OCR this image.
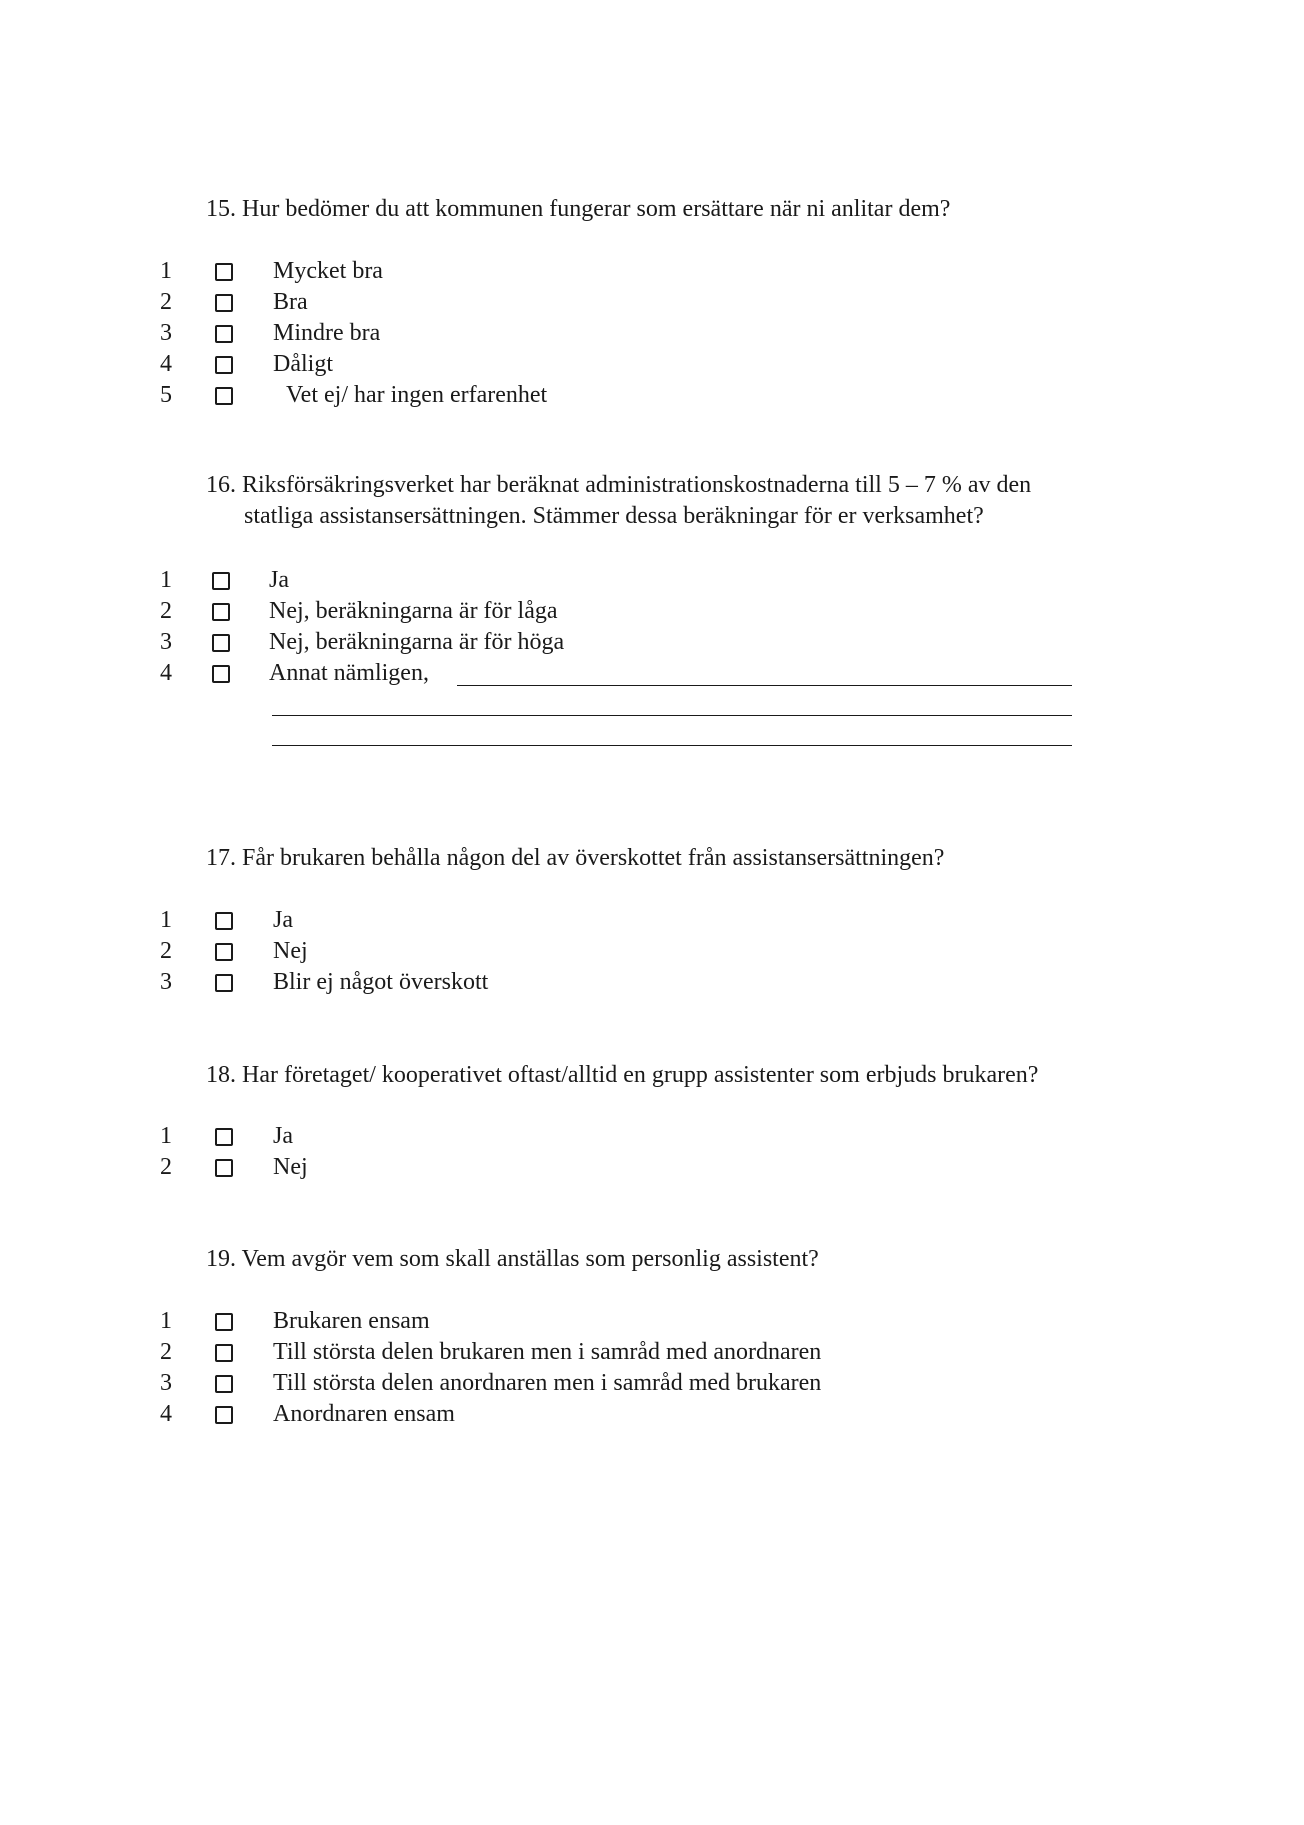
15. Hur bedömer du att kommunen fungerar som ersättare när ni anlitar dem?

1	Mycket bra
2	Bra
3	Mindre bra
4	Dåligt
5	Vet ej/ har ingen erfarenhet

16. Riksförsäkringsverket har beräknat administrationskostnaderna till 5 – 7 % av den
statliga assistansersättningen. Stämmer dessa beräkningar för er verksamhet?

1	Ja
2	Nej, beräkningarna är för låga
3	Nej, beräkningarna är för höga
4	Annat nämligen,

17. Får brukaren behålla någon del av överskottet från assistansersättningen?

1	Ja
2	Nej
3	Blir ej något överskott

18. Har företaget/ kooperativet oftast/alltid en grupp assistenter som erbjuds brukaren?

1	Ja
2	Nej

19. Vem avgör vem som skall anställas som personlig assistent?

1	Brukaren ensam
2	Till största delen brukaren men i samråd med anordnaren
3	Till största delen anordnaren men i samråd med brukaren
4	Anordnaren ensam
